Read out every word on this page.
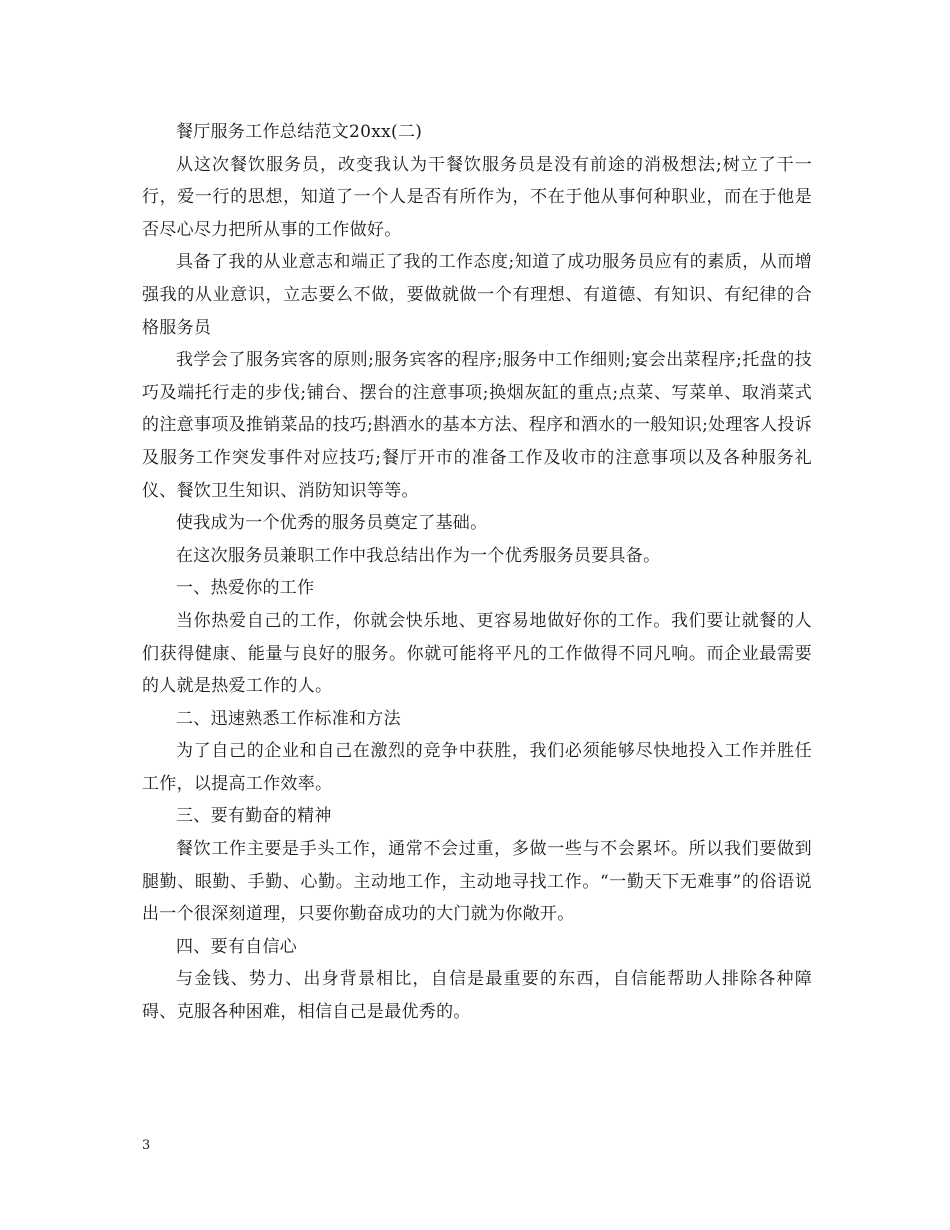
餐厅服务工作总结范文20xx(二)

从这次餐饮服务员，改变我认为干餐饮服务员是没有前途的消极想法;树立了干一行，爱一行的思想，知道了一个人是否有所作为，不在于他从事何种职业，而在于他是否尽心尽力把所从事的工作做好。

具备了我的从业意志和端正了我的工作态度;知道了成功服务员应有的素质，从而增强我的从业意识，立志要么不做，要做就做一个有理想、有道德、有知识、有纪律的合格服务员

我学会了服务宾客的原则;服务宾客的程序;服务中工作细则;宴会出菜程序;托盘的技巧及端托行走的步伐;铺台、摆台的注意事项;换烟灰缸的重点;点菜、写菜单、取消菜式的注意事项及推销菜品的技巧;斟酒水的基本方法、程序和酒水的一般知识;处理客人投诉及服务工作突发事件对应技巧;餐厅开市的准备工作及收市的注意事项以及各种服务礼仪、餐饮卫生知识、消防知识等等。

使我成为一个优秀的服务员奠定了基础。

在这次服务员兼职工作中我总结出作为一个优秀服务员要具备。

一、热爱你的工作

当你热爱自己的工作，你就会快乐地、更容易地做好你的工作。我们要让就餐的人们获得健康、能量与良好的服务。你就可能将平凡的工作做得不同凡响。而企业最需要的人就是热爱工作的人。

二、迅速熟悉工作标准和方法

为了自己的企业和自己在激烈的竞争中获胜，我们必须能够尽快地投入工作并胜任工作，以提高工作效率。

三、要有勤奋的精神

餐饮工作主要是手头工作，通常不会过重，多做一些与不会累坏。所以我们要做到腿勤、眼勤、手勤、心勤。主动地工作，主动地寻找工作。“一勤天下无难事”的俗语说出一个很深刻道理，只要你勤奋成功的大门就为你敞开。

四、要有自信心

与金钱、势力、出身背景相比，自信是最重要的东西，自信能帮助人排除各种障碍、克服各种困难，相信自己是最优秀的。

3
